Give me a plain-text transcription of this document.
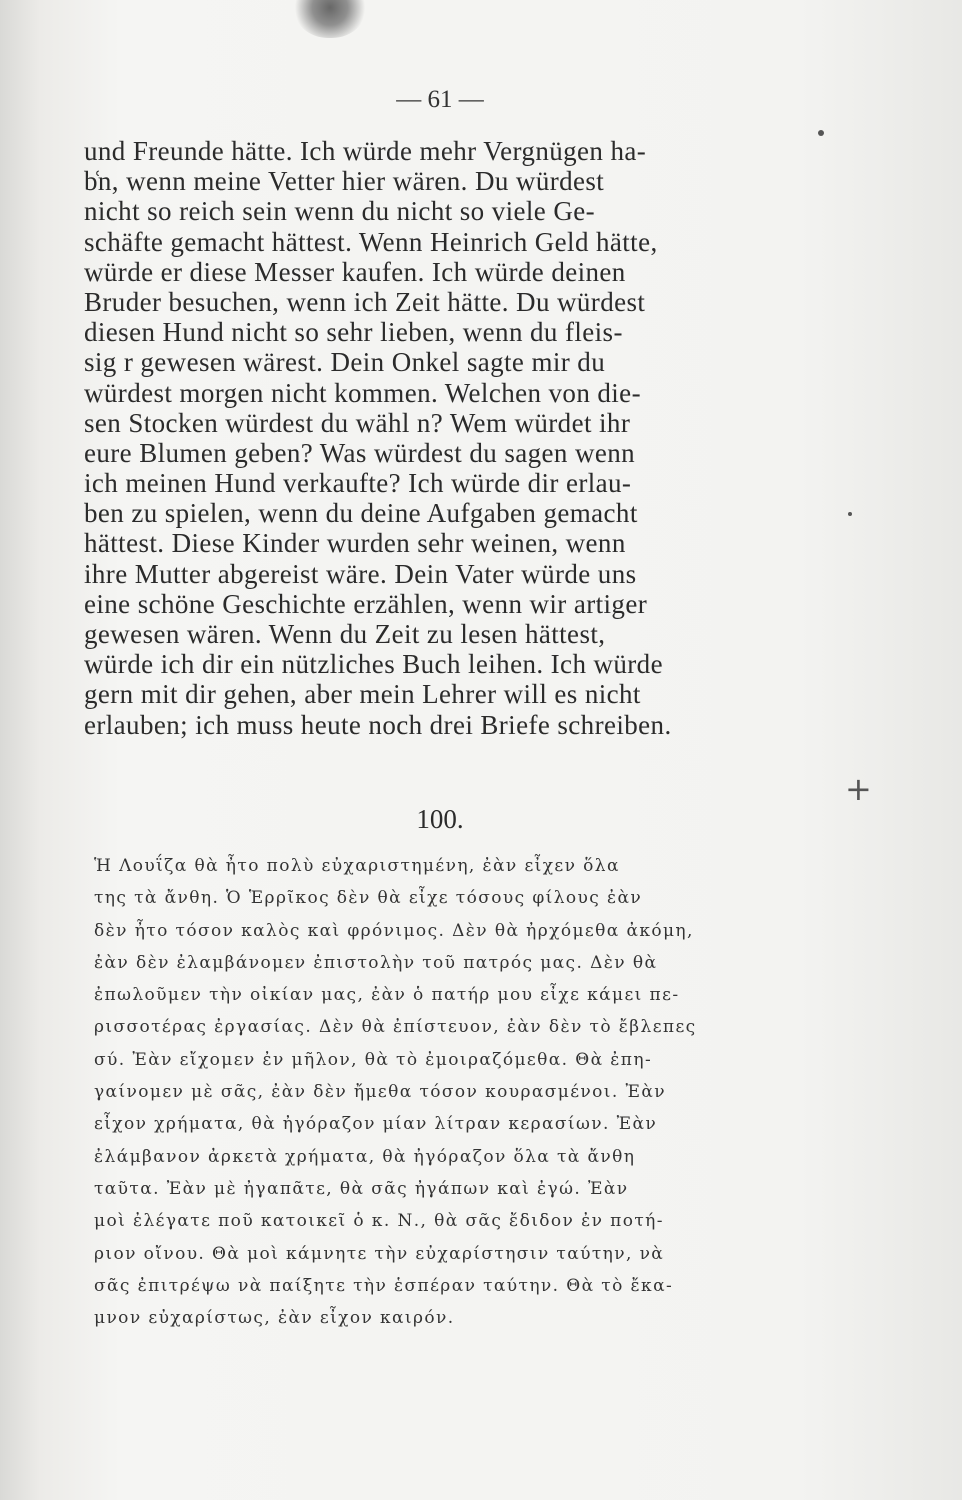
— 61 —
und Freunde hätte. Ich würde mehr Vergnügen ha-
b͑n, wenn meine Vetter hier wären. Du würdest
nicht so reich sein wenn du nicht so viele Ge-
schäfte gemacht hättest. Wenn Heinrich Geld hätte,
würde er diese Messer kaufen. Ich würde deinen
Bruder besuchen, wenn ich Zeit hätte. Du würdest
diesen Hund nicht so sehr lieben, wenn du fleis-
sig r gewesen wärest. Dein Onkel sagte mir du
würdest morgen nicht kommen. Welchen von die-
sen Stocken würdest du wähl n? Wem würdet ihr
eure Blumen geben? Was würdest du sagen wenn
ich meinen Hund verkaufte? Ich würde dir erlau-
ben zu spielen, wenn du deine Aufgaben gemacht
hättest. Diese Kinder wurden sehr weinen, wenn
ihre Mutter abgereist wäre. Dein Vater würde uns
eine schöne Geschichte erzählen, wenn wir artiger
gewesen wären. Wenn du Zeit zu lesen hättest,
würde ich dir ein nützliches Buch leihen. Ich würde
gern mit dir gehen, aber mein Lehrer will es nicht
erlauben; ich muss heute noch drei Briefe schreiben.
100.
Ἡ Λουΐζα θὰ ἦτο πολὺ εὐχαριστημένη, ἐὰν εἶχεν ὅλα
της τὰ ἄνθη. Ὁ Ἑρρῖκος δὲν θὰ εἶχε τόσους φίλους ἐὰν
δὲν ἦτο τόσον καλὸς καὶ φρόνιμος. Δὲν θὰ ἠρχόμεθα ἀκόμη,
ἐὰν δὲν ἐλαμβάνομεν ἐπιστολὴν τοῦ πατρός μας. Δὲν θὰ
ἐπωλοῦμεν τὴν οἰκίαν μας, ἐὰν ὁ πατήρ μου εἶχε κάμει πε-
ρισσοτέρας ἐργασίας. Δὲν θὰ ἐπίστευον, ἐὰν δὲν τὸ ἔβλεπες
σύ. Ἐὰν εἴχομεν ἐν μῆλον, θὰ τὸ ἐμοιραζόμεθα. Θὰ ἐπη-
γαίνομεν μὲ σᾶς, ἐὰν δὲν ἤμεθα τόσον κουρασμένοι. Ἐὰν
εἶχον χρήματα, θὰ ἠγόραζον μίαν λίτραν κερασίων. Ἐὰν
ἐλάμβανον ἀρκετὰ χρήματα, θὰ ἠγόραζον ὅλα τὰ ἄνθη
ταῦτα. Ἐὰν μὲ ἠγαπᾶτε, θὰ σᾶς ἠγάπων καὶ ἐγώ. Ἐὰν
μοὶ ἐλέγατε ποῦ κατοικεῖ ὁ κ. Ν., θὰ σᾶς ἔδιδον ἐν ποτή-
ριον οἴνου. Θὰ μοὶ κάμνητε τὴν εὐχαρίστησιν ταύτην, νὰ
σᾶς ἐπιτρέψω νὰ παίξητε τὴν ἑσπέραν ταύτην. Θὰ τὸ ἔκα-
μνον εὐχαρίστως, ἐὰν εἶχον καιρόν.
+
